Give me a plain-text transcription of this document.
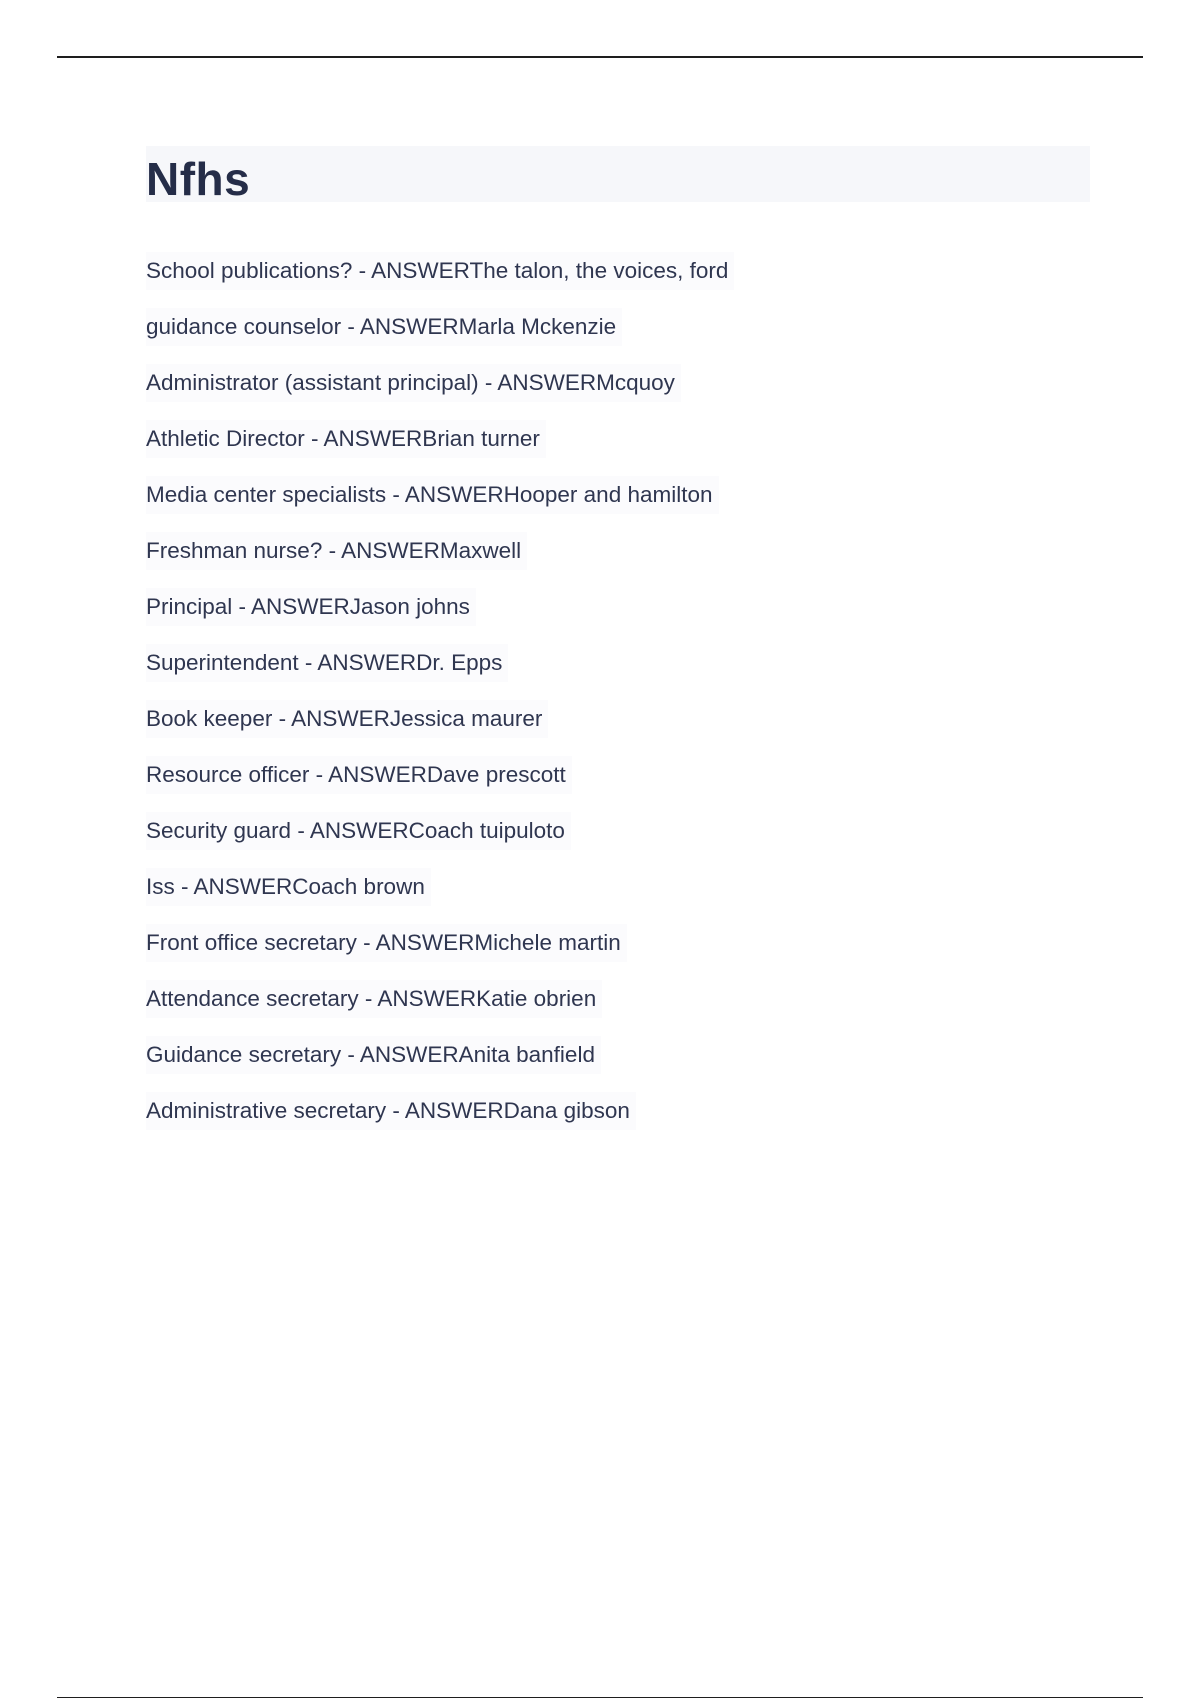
Nfhs
School publications? - ANSWERThe talon, the voices, ford
guidance counselor - ANSWERMarla Mckenzie
Administrator (assistant principal) - ANSWERMcquoy
Athletic Director - ANSWERBrian turner
Media center specialists - ANSWERHooper and hamilton
Freshman nurse? - ANSWERMaxwell
Principal - ANSWERJason johns
Superintendent - ANSWERDr. Epps
Book keeper - ANSWERJessica maurer
Resource officer - ANSWERDave prescott
Security guard - ANSWERCoach tuipuloto
Iss - ANSWERCoach brown
Front office secretary - ANSWERMichele martin
Attendance secretary - ANSWERKatie obrien
Guidance secretary - ANSWERAnita banfield
Administrative secretary - ANSWERDana gibson
